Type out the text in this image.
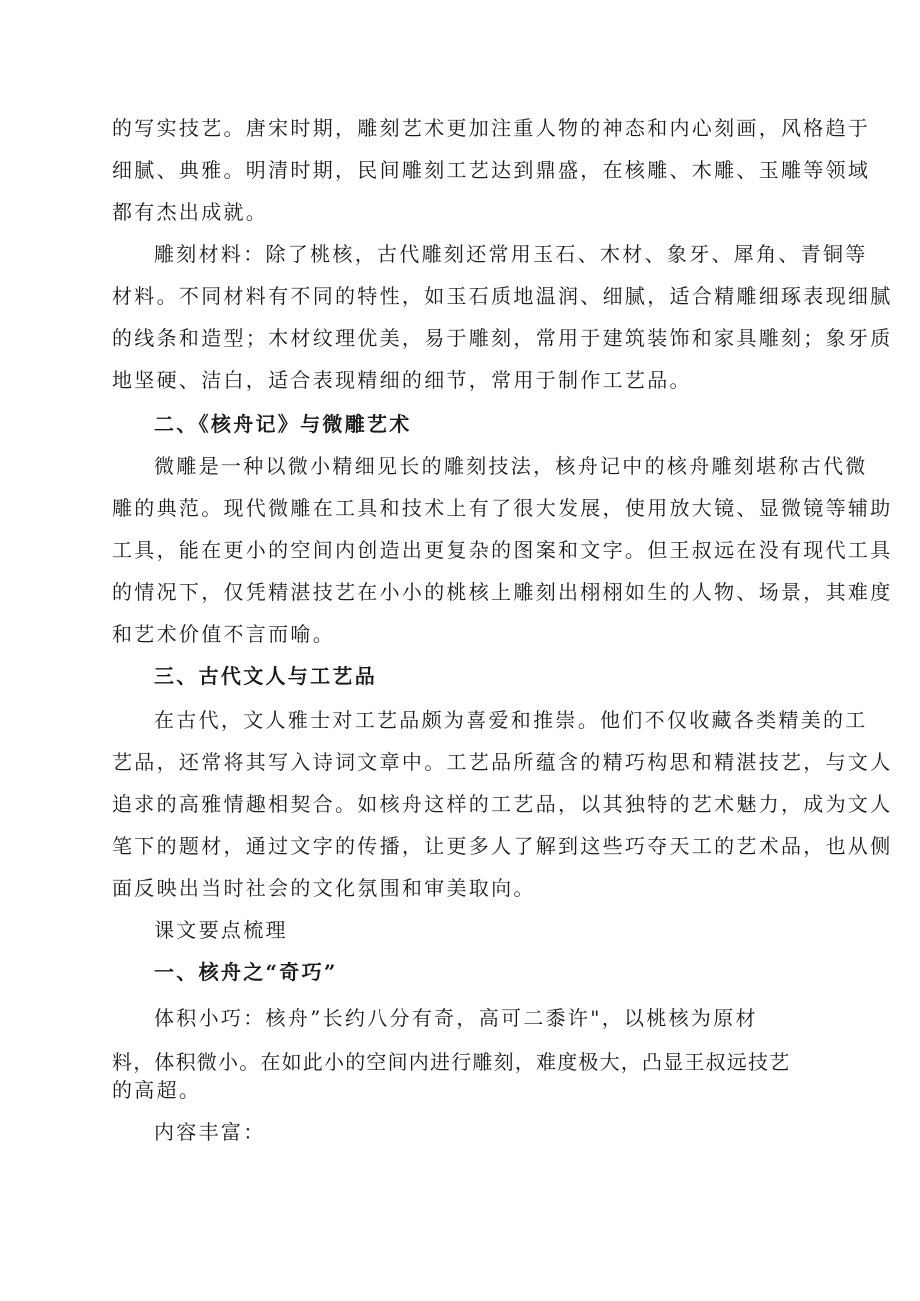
的写实技艺。唐宋时期，雕刻艺术更加注重人物的神态和内心刻画，风格趋于
细腻、典雅。明清时期，民间雕刻工艺达到鼎盛，在核雕、木雕、玉雕等领域
都有杰出成就。
雕刻材料：除了桃核，古代雕刻还常用玉石、木材、象牙、犀角、青铜等
材料。不同材料有不同的特性，如玉石质地温润、细腻，适合精雕细琢表现细腻
的线条和造型；木材纹理优美，易于雕刻，常用于建筑装饰和家具雕刻；象牙质
地坚硬、洁白，适合表现精细的细节，常用于制作工艺品。
二、《核舟记》与微雕艺术
微雕是一种以微小精细见长的雕刻技法，核舟记中的核舟雕刻堪称古代微
雕的典范。现代微雕在工具和技术上有了很大发展，使用放大镜、显微镜等辅助
工具，能在更小的空间内创造出更复杂的图案和文字。但王叔远在没有现代工具
的情况下，仅凭精湛技艺在小小的桃核上雕刻出栩栩如生的人物、场景，其难度
和艺术价值不言而喻。
三、古代文人与工艺品
在古代，文人雅士对工艺品颇为喜爱和推崇。他们不仅收藏各类精美的工
艺品，还常将其写入诗词文章中。工艺品所蕴含的精巧构思和精湛技艺，与文人
追求的高雅情趣相契合。如核舟这样的工艺品，以其独特的艺术魅力，成为文人
笔下的题材，通过文字的传播，让更多人了解到这些巧夺天工的艺术品，也从侧
面反映出当时社会的文化氛围和审美取向。
课文要点梳理
一、核舟之“奇巧”
体积小巧：核舟”长约八分有奇，高可二黍许"，以桃核为原材
料，体积微小。在如此小的空间内进行雕刻，难度极大，凸显王叔远技艺
的高超。
内容丰富：
